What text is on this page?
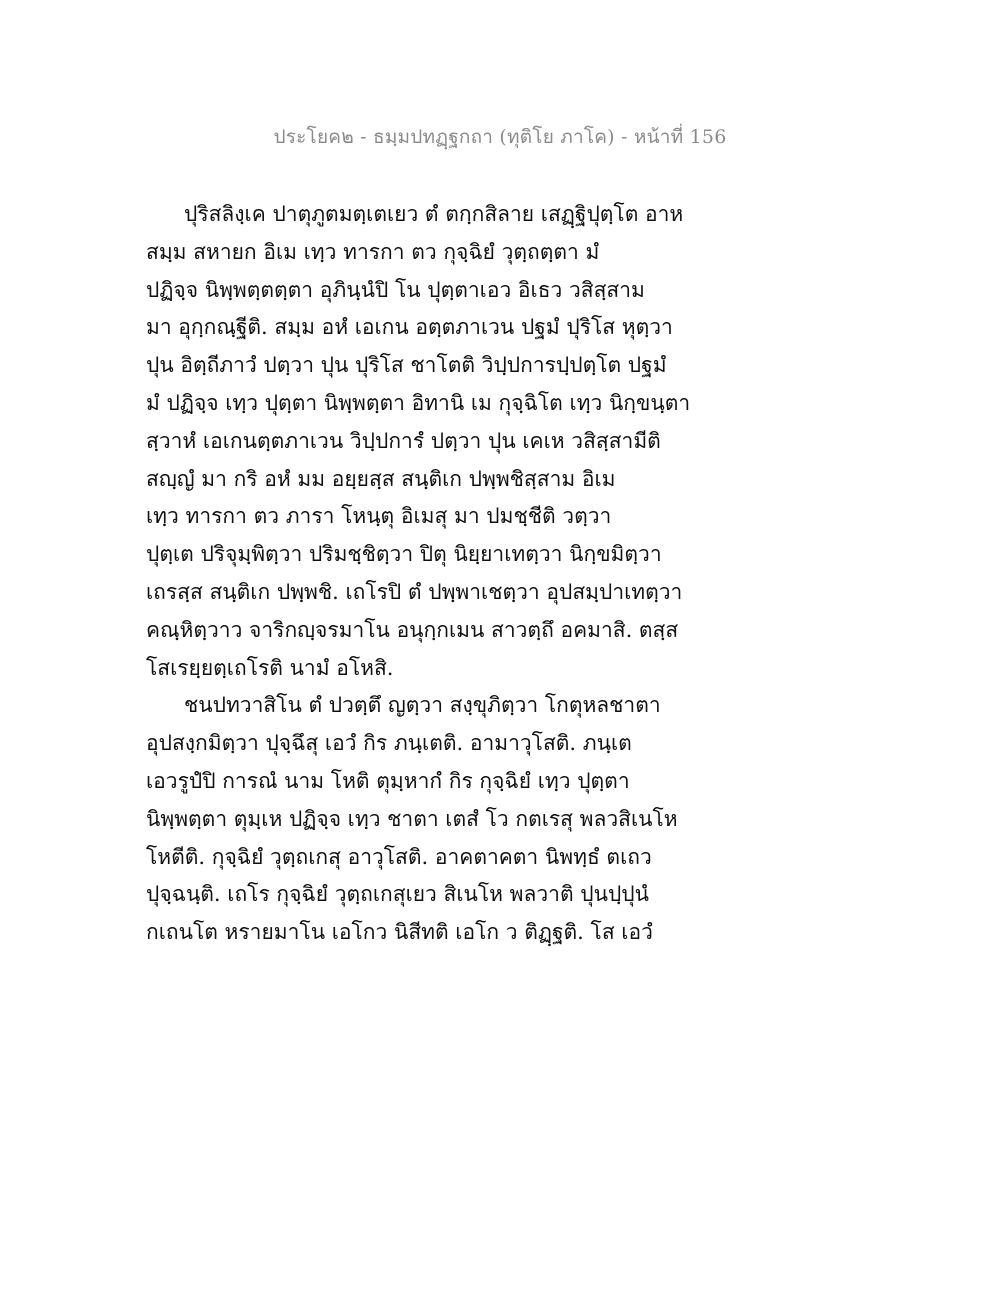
ประโยค๒ - ธมฺมปทฏฺฐกถา (ทุติโย ภาโค) - หน้าที่ 156

ปุริสลิงฺเค ปาตุภูตมตฺเตเยว ตํ ตกฺกสิลาย เสฏฺฐิปุตฺโต อาห
สมฺม สหายก อิเม เทฺว ทารกา ตว กุจฺฉิยํ วุตฺถตฺตา มํ
ปฏิจฺจ นิพฺพตฺตตฺตา อุภินฺนํปิ โน ปุตฺตาเอว อิเธว วสิสฺสาม
มา อุกฺกณฺฐีติ. สมฺม อหํ เอเกน อตฺตภาเวน ปฐมํ ปุริโส หุตฺวา
ปุน อิตฺถีภาวํ ปตฺวา ปุน ปุริโส ชาโตติ วิปฺปการปฺปตฺโต ปฐมํ
มํ ปฏิจฺจ เทฺว ปุตฺตา นิพฺพตฺตา อิทานิ เม กุจฺฉิโต เทฺว นิกฺขนฺตา
สฺวาหํ เอเกนตฺตภาเวน วิปฺปการํ ปตฺวา ปุน เคเห วสิสฺสามีติ
สญฺญํ มา กริ อหํ มม อยฺยสฺส สนฺติเก ปพฺพชิสฺสาม อิเม
เทฺว ทารกา ตว ภารา โหนฺตุ อิเมสุ มา ปมชฺชีติ วตฺวา
ปุตฺเต ปริจุมฺพิตฺวา ปริมชฺชิตฺวา ปิตุ นิยฺยาเทตฺวา นิกฺขมิตฺวา
เถรสฺส สนฺติเก ปพฺพชิ. เถโรปิ ตํ ปพฺพาเชตฺวา อุปสมฺปาเทตฺวา
คณฺหิตฺวาว จาริกญฺจรมาโน อนุกฺกเมน สาวตฺถึ อคมาสิ. ตสฺส
โสเรยฺยตฺเถโรติ นามํ อโหสิ.

ชนปทวาสิโน ตํ ปวตฺตึ ญตฺวา สงฺขุภิตฺวา โกตุหลชาตา
อุปสงฺกมิตฺวา ปุจฺฉึสุ เอวํ กิร ภนฺเตติ. อามาวุโสติ. ภนฺเต
เอวรูปํปิ การณํ นาม โหติ ตุมฺหากํ กิร กุจฺฉิยํ เทฺว ปุตฺตา
นิพฺพตฺตา ตุมฺเห ปฏิจฺจ เทฺว ชาตา เตสํ โว กตเรสุ พลวสิเนโห
โหตีติ. กุจฺฉิยํ วุตฺถเกสุ อาวุโสติ. อาคตาคตา นิพทฺธํ ตเถว
ปุจฺฉนฺติ. เถโร กุจฺฉิยํ วุตฺถเกสุเยว สิเนโห พลวาติ ปุนปฺปุนํ
กเถนโต หรายมาโน เอโกว นิสีทติ เอโก ว ติฏฺฐติ. โส เอวํ
